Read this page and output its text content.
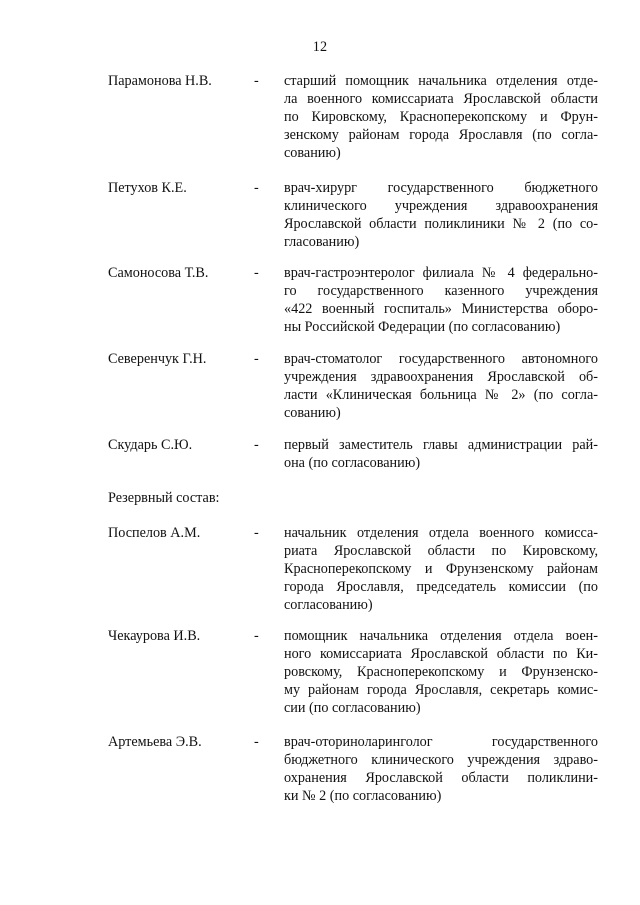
12
Парамонова Н.В.	- старший помощник начальника отделения отде-
ла военного комиссариата Ярославской области
по Кировскому, Красноперекопскому и Фрун-
зенскому районам города Ярославля (по согла-
сованию)
Петухов К.Е.	- врач-хирург государственного бюджетного
клинического учреждения здравоохранения
Ярославской области поликлиники № 2 (по со-
гласованию)
Самоносова Т.В.	- врач-гастроэнтеролог филиала № 4 федерально-
го государственного казенного учреждения
«422 военный госпиталь» Министерства оборо-
ны Российской Федерации (по согласованию)
Северенчук Г.Н.	- врач-стоматолог государственного автономного
учреждения здравоохранения Ярославской об-
ласти «Клиническая больница № 2» (по согла-
сованию)
Скударь С.Ю.	- первый заместитель главы администрации рай-
она (по согласованию)
Резервный состав:
Поспелов А.М.	- начальник отделения отдела военного комисса-
риата Ярославской области по Кировскому,
Красноперекопскому и Фрунзенскому районам
города Ярославля, председатель комиссии (по
согласованию)
Чекаурова И.В.	- помощник начальника отделения отдела воен-
ного комиссариата Ярославской области по Ки-
ровскому, Красноперекопскому и Фрунзенско-
му районам города Ярославля, секретарь комис-
сии (по согласованию)
Артемьева Э.В.	- врач-оториноларинголог государственного
бюджетного клинического учреждения здраво-
охранения Ярославской области поликлини-
ки № 2 (по согласованию)
